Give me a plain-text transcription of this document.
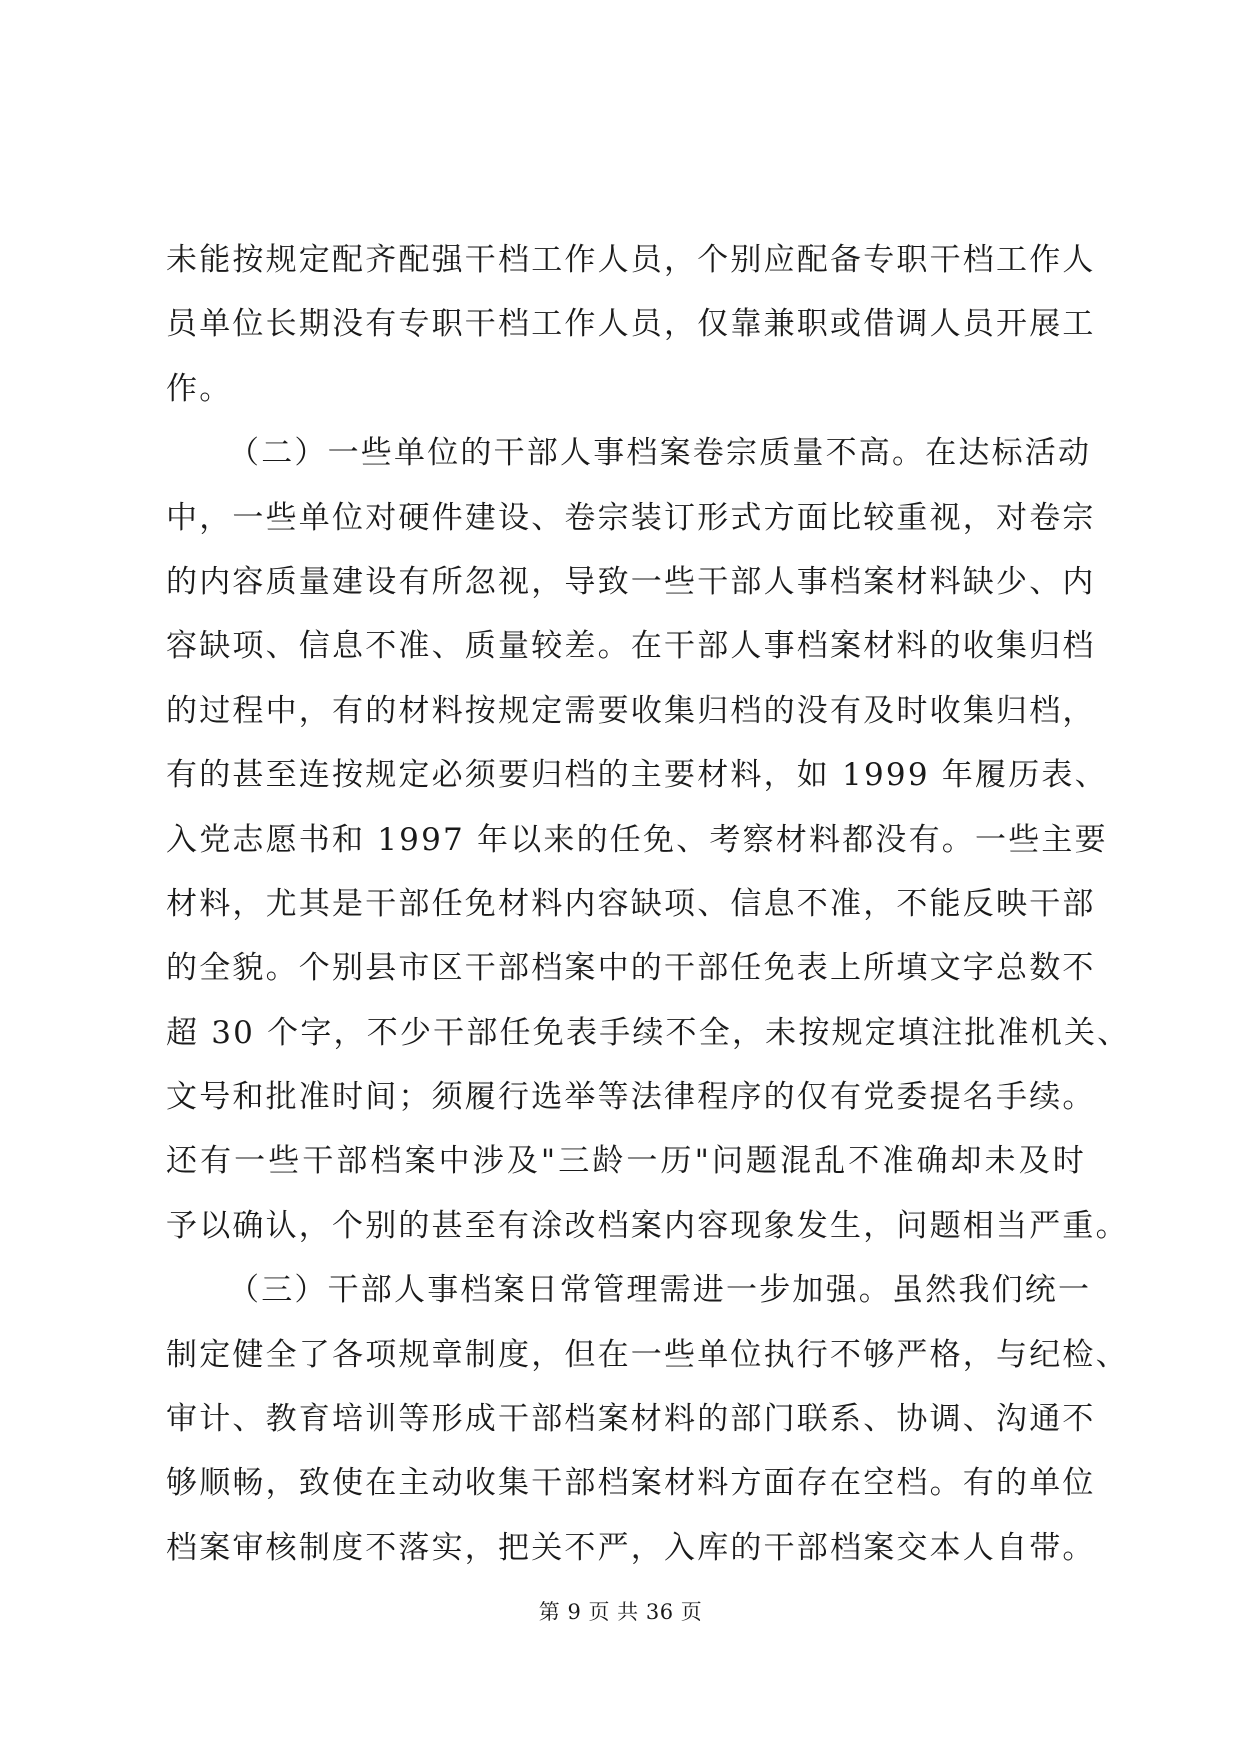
未能按规定配齐配强干档工作人员，个别应配备专职干档工作人
员单位长期没有专职干档工作人员，仅靠兼职或借调人员开展工
作。
（二）一些单位的干部人事档案卷宗质量不高。在达标活动
中，一些单位对硬件建设、卷宗装订形式方面比较重视，对卷宗
的内容质量建设有所忽视，导致一些干部人事档案材料缺少、内
容缺项、信息不准、质量较差。在干部人事档案材料的收集归档
的过程中，有的材料按规定需要收集归档的没有及时收集归档，
有的甚至连按规定必须要归档的主要材料，如 1999 年履历表、
入党志愿书和 1997 年以来的任免、考察材料都没有。一些主要
材料，尤其是干部任免材料内容缺项、信息不准，不能反映干部
的全貌。个别县市区干部档案中的干部任免表上所填文字总数不
超 30 个字，不少干部任免表手续不全，未按规定填注批准机关、
文号和批准时间；须履行选举等法律程序的仅有党委提名手续。
还有一些干部档案中涉及"三龄一历"问题混乱不准确却未及时
予以确认，个别的甚至有涂改档案内容现象发生，问题相当严重。
（三）干部人事档案日常管理需进一步加强。虽然我们统一
制定健全了各项规章制度，但在一些单位执行不够严格，与纪检、
审计、教育培训等形成干部档案材料的部门联系、协调、沟通不
够顺畅，致使在主动收集干部档案材料方面存在空档。有的单位
档案审核制度不落实，把关不严，入库的干部档案交本人自带。
第 9 页 共 36 页
